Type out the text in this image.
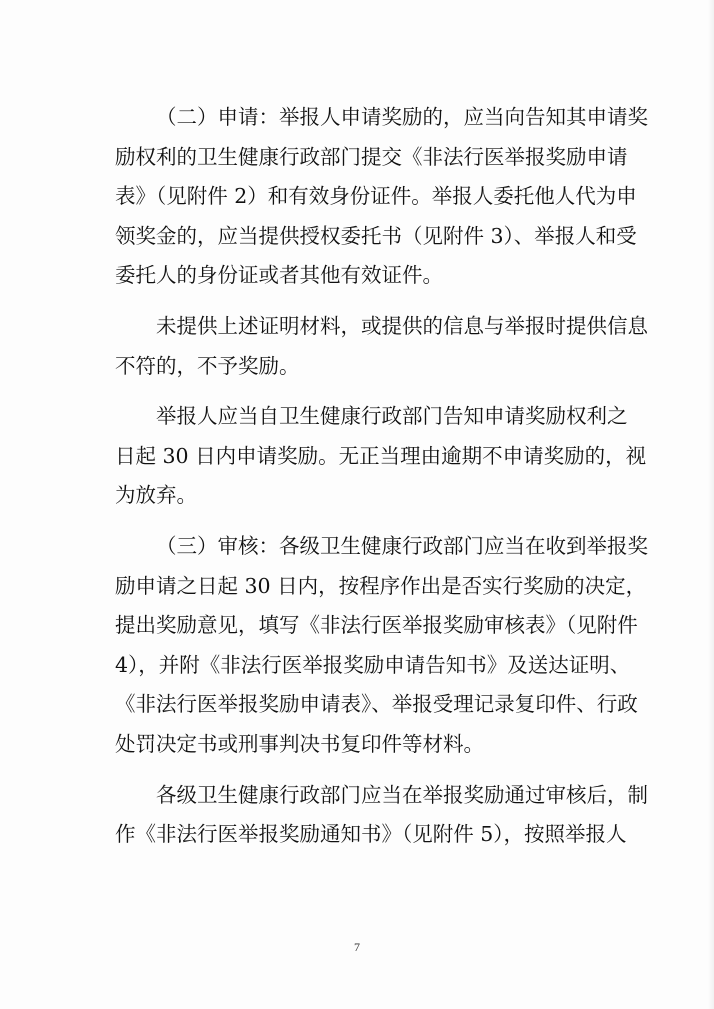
（二）申请：举报人申请奖励的，应当向告知其申请奖
励权利的卫生健康行政部门提交《非法行医举报奖励申请
表》（见附件 2）和有效身份证件。举报人委托他人代为申
领奖金的，应当提供授权委托书（见附件 3）、举报人和受
委托人的身份证或者其他有效证件。
未提供上述证明材料，或提供的信息与举报时提供信息
不符的，不予奖励。
举报人应当自卫生健康行政部门告知申请奖励权利之
日起 30 日内申请奖励。无正当理由逾期不申请奖励的，视
为放弃。
（三）审核：各级卫生健康行政部门应当在收到举报奖
励申请之日起 30 日内，按程序作出是否实行奖励的决定，
提出奖励意见，填写《非法行医举报奖励审核表》（见附件
4），并附《非法行医举报奖励申请告知书》及送达证明、
《非法行医举报奖励申请表》、举报受理记录复印件、行政
处罚决定书或刑事判决书复印件等材料。
各级卫生健康行政部门应当在举报奖励通过审核后，制
作《非法行医举报奖励通知书》（见附件 5），按照举报人
7
